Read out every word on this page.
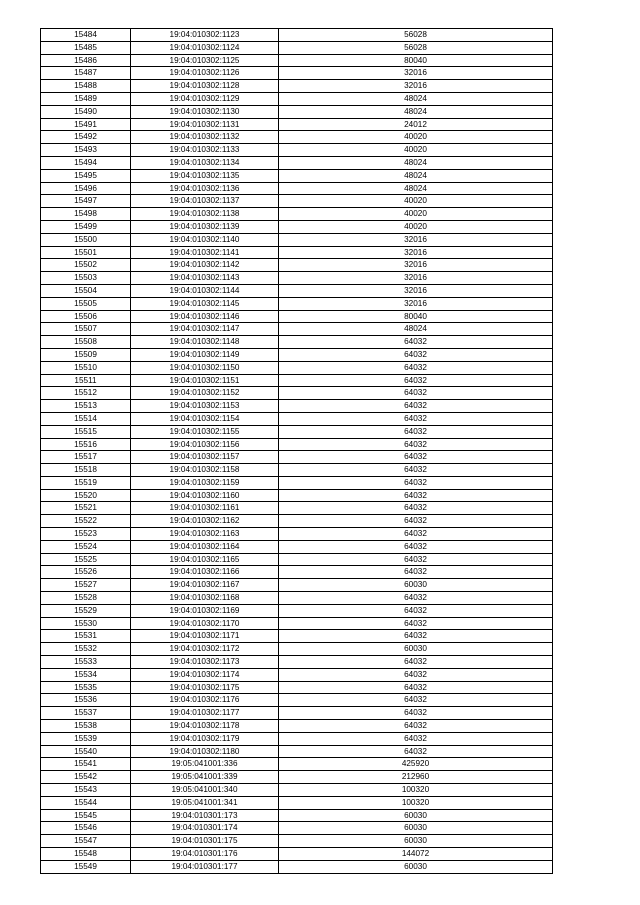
15484	19:04:010302:1123	56028
15485	19:04:010302:1124	56028
15486	19:04:010302:1125	80040
15487	19:04:010302:1126	32016
15488	19:04:010302:1128	32016
15489	19:04:010302:1129	48024
15490	19:04:010302:1130	48024
15491	19:04:010302:1131	24012
15492	19:04:010302:1132	40020
15493	19:04:010302:1133	40020
15494	19:04:010302:1134	48024
15495	19:04:010302:1135	48024
15496	19:04:010302:1136	48024
15497	19:04:010302:1137	40020
15498	19:04:010302:1138	40020
15499	19:04:010302:1139	40020
15500	19:04:010302:1140	32016
15501	19:04:010302:1141	32016
15502	19:04:010302:1142	32016
15503	19:04:010302:1143	32016
15504	19:04:010302:1144	32016
15505	19:04:010302:1145	32016
15506	19:04:010302:1146	80040
15507	19:04:010302:1147	48024
15508	19:04:010302:1148	64032
15509	19:04:010302:1149	64032
15510	19:04:010302:1150	64032
15511	19:04:010302:1151	64032
15512	19:04:010302:1152	64032
15513	19:04:010302:1153	64032
15514	19:04:010302:1154	64032
15515	19:04:010302:1155	64032
15516	19:04:010302:1156	64032
15517	19:04:010302:1157	64032
15518	19:04:010302:1158	64032
15519	19:04:010302:1159	64032
15520	19:04:010302:1160	64032
15521	19:04:010302:1161	64032
15522	19:04:010302:1162	64032
15523	19:04:010302:1163	64032
15524	19:04:010302:1164	64032
15525	19:04:010302:1165	64032
15526	19:04:010302:1166	64032
15527	19:04:010302:1167	60030
15528	19:04:010302:1168	64032
15529	19:04:010302:1169	64032
15530	19:04:010302:1170	64032
15531	19:04:010302:1171	64032
15532	19:04:010302:1172	60030
15533	19:04:010302:1173	64032
15534	19:04:010302:1174	64032
15535	19:04:010302:1175	64032
15536	19:04:010302:1176	64032
15537	19:04:010302:1177	64032
15538	19:04:010302:1178	64032
15539	19:04:010302:1179	64032
15540	19:04:010302:1180	64032
15541	19:05:041001:336	425920
15542	19:05:041001:339	212960
15543	19:05:041001:340	100320
15544	19:05:041001:341	100320
15545	19:04:010301:173	60030
15546	19:04:010301:174	60030
15547	19:04:010301:175	60030
15548	19:04:010301:176	144072
15549	19:04:010301:177	60030
